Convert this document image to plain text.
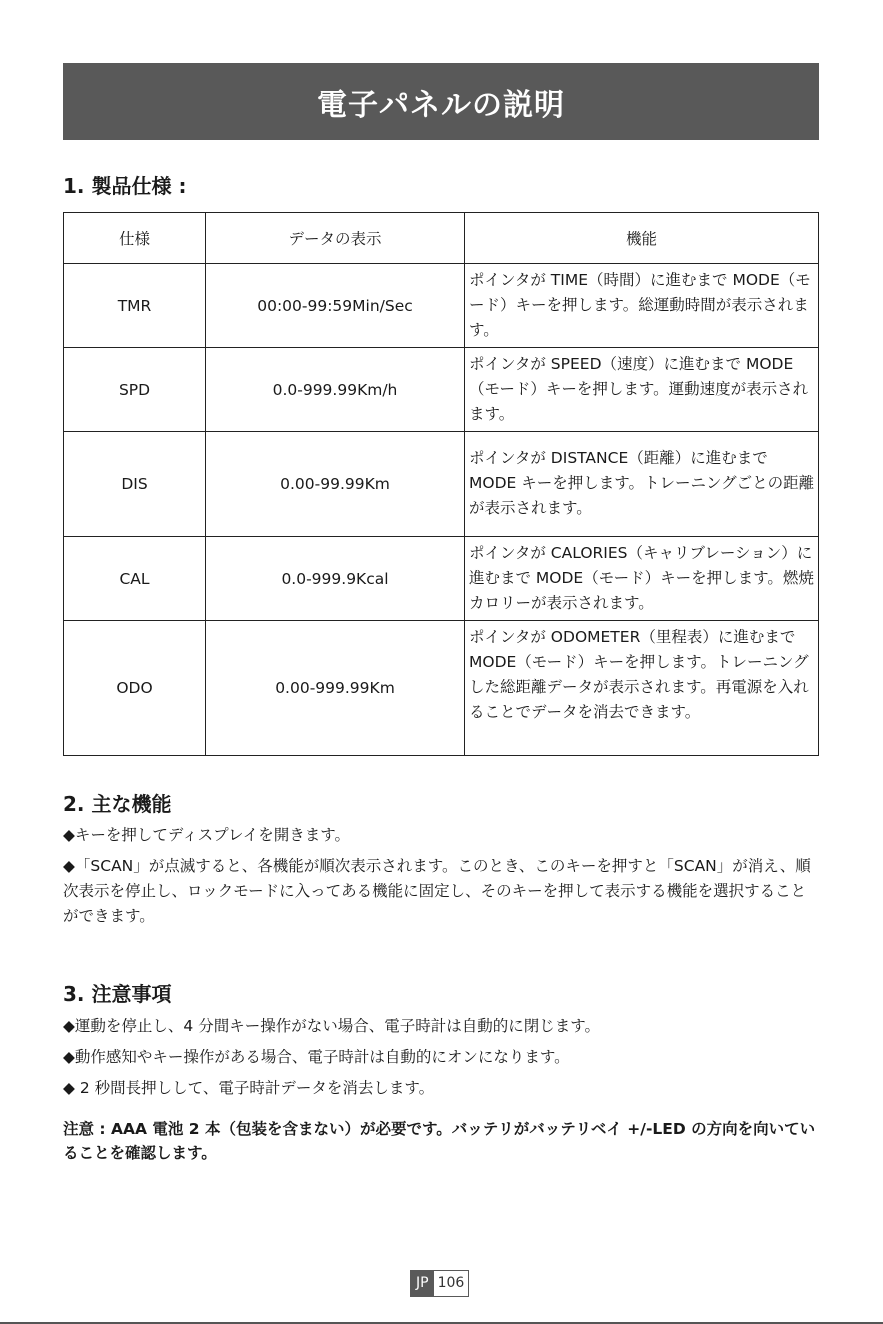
電子パネルの説明
1. 製品仕様 :
仕様	データの表示	機能
TMR	00:00-99:59Min/Sec	ポインタが TIME（時間）に進むまで MODE（モード）キーを押します。総運動時間が表示されます。
SPD	0.0-999.99Km/h	ポインタが SPEED（速度）に進むまで MODE（モード）キーを押します。運動速度が表示されます。
DIS	0.00-99.99Km	ポインタが DISTANCE（距離）に進むまで MODE キーを押します。トレーニングごとの距離が表示されます。
CAL	0.0-999.9Kcal	ポインタが CALORIES（キャリブレーション）に進むまで MODE（モード）キーを押します。燃焼カロリーが表示されます。
ODO	0.00-999.99Km	ポインタが ODOMETER（里程表）に進むまで MODE（モード）キーを押します。トレーニングした総距離データが表示されます。再電源を入れることでデータを消去できます。
2. 主な機能

◆キーを押してディスプレイを開きます。

◆「SCAN」が点滅すると、各機能が順次表示されます。このとき、このキーを押すと「SCAN」が消え、順次表示を停止し、ロックモードに入ってある機能に固定し、そのキーを押して表示する機能を選択することができます。

3. 注意事項

◆運動を停止し、4 分間キー操作がない場合、電子時計は自動的に閉じます。

◆動作感知やキー操作がある場合、電子時計は自動的にオンになります。

◆ 2 秒間長押しして、電子時計データを消去します。

注意 : AAA 電池 2 本（包装を含まない）が必要です。バッテリがバッテリベイ +/-LED の方向を向いていることを確認します。

JP 106
